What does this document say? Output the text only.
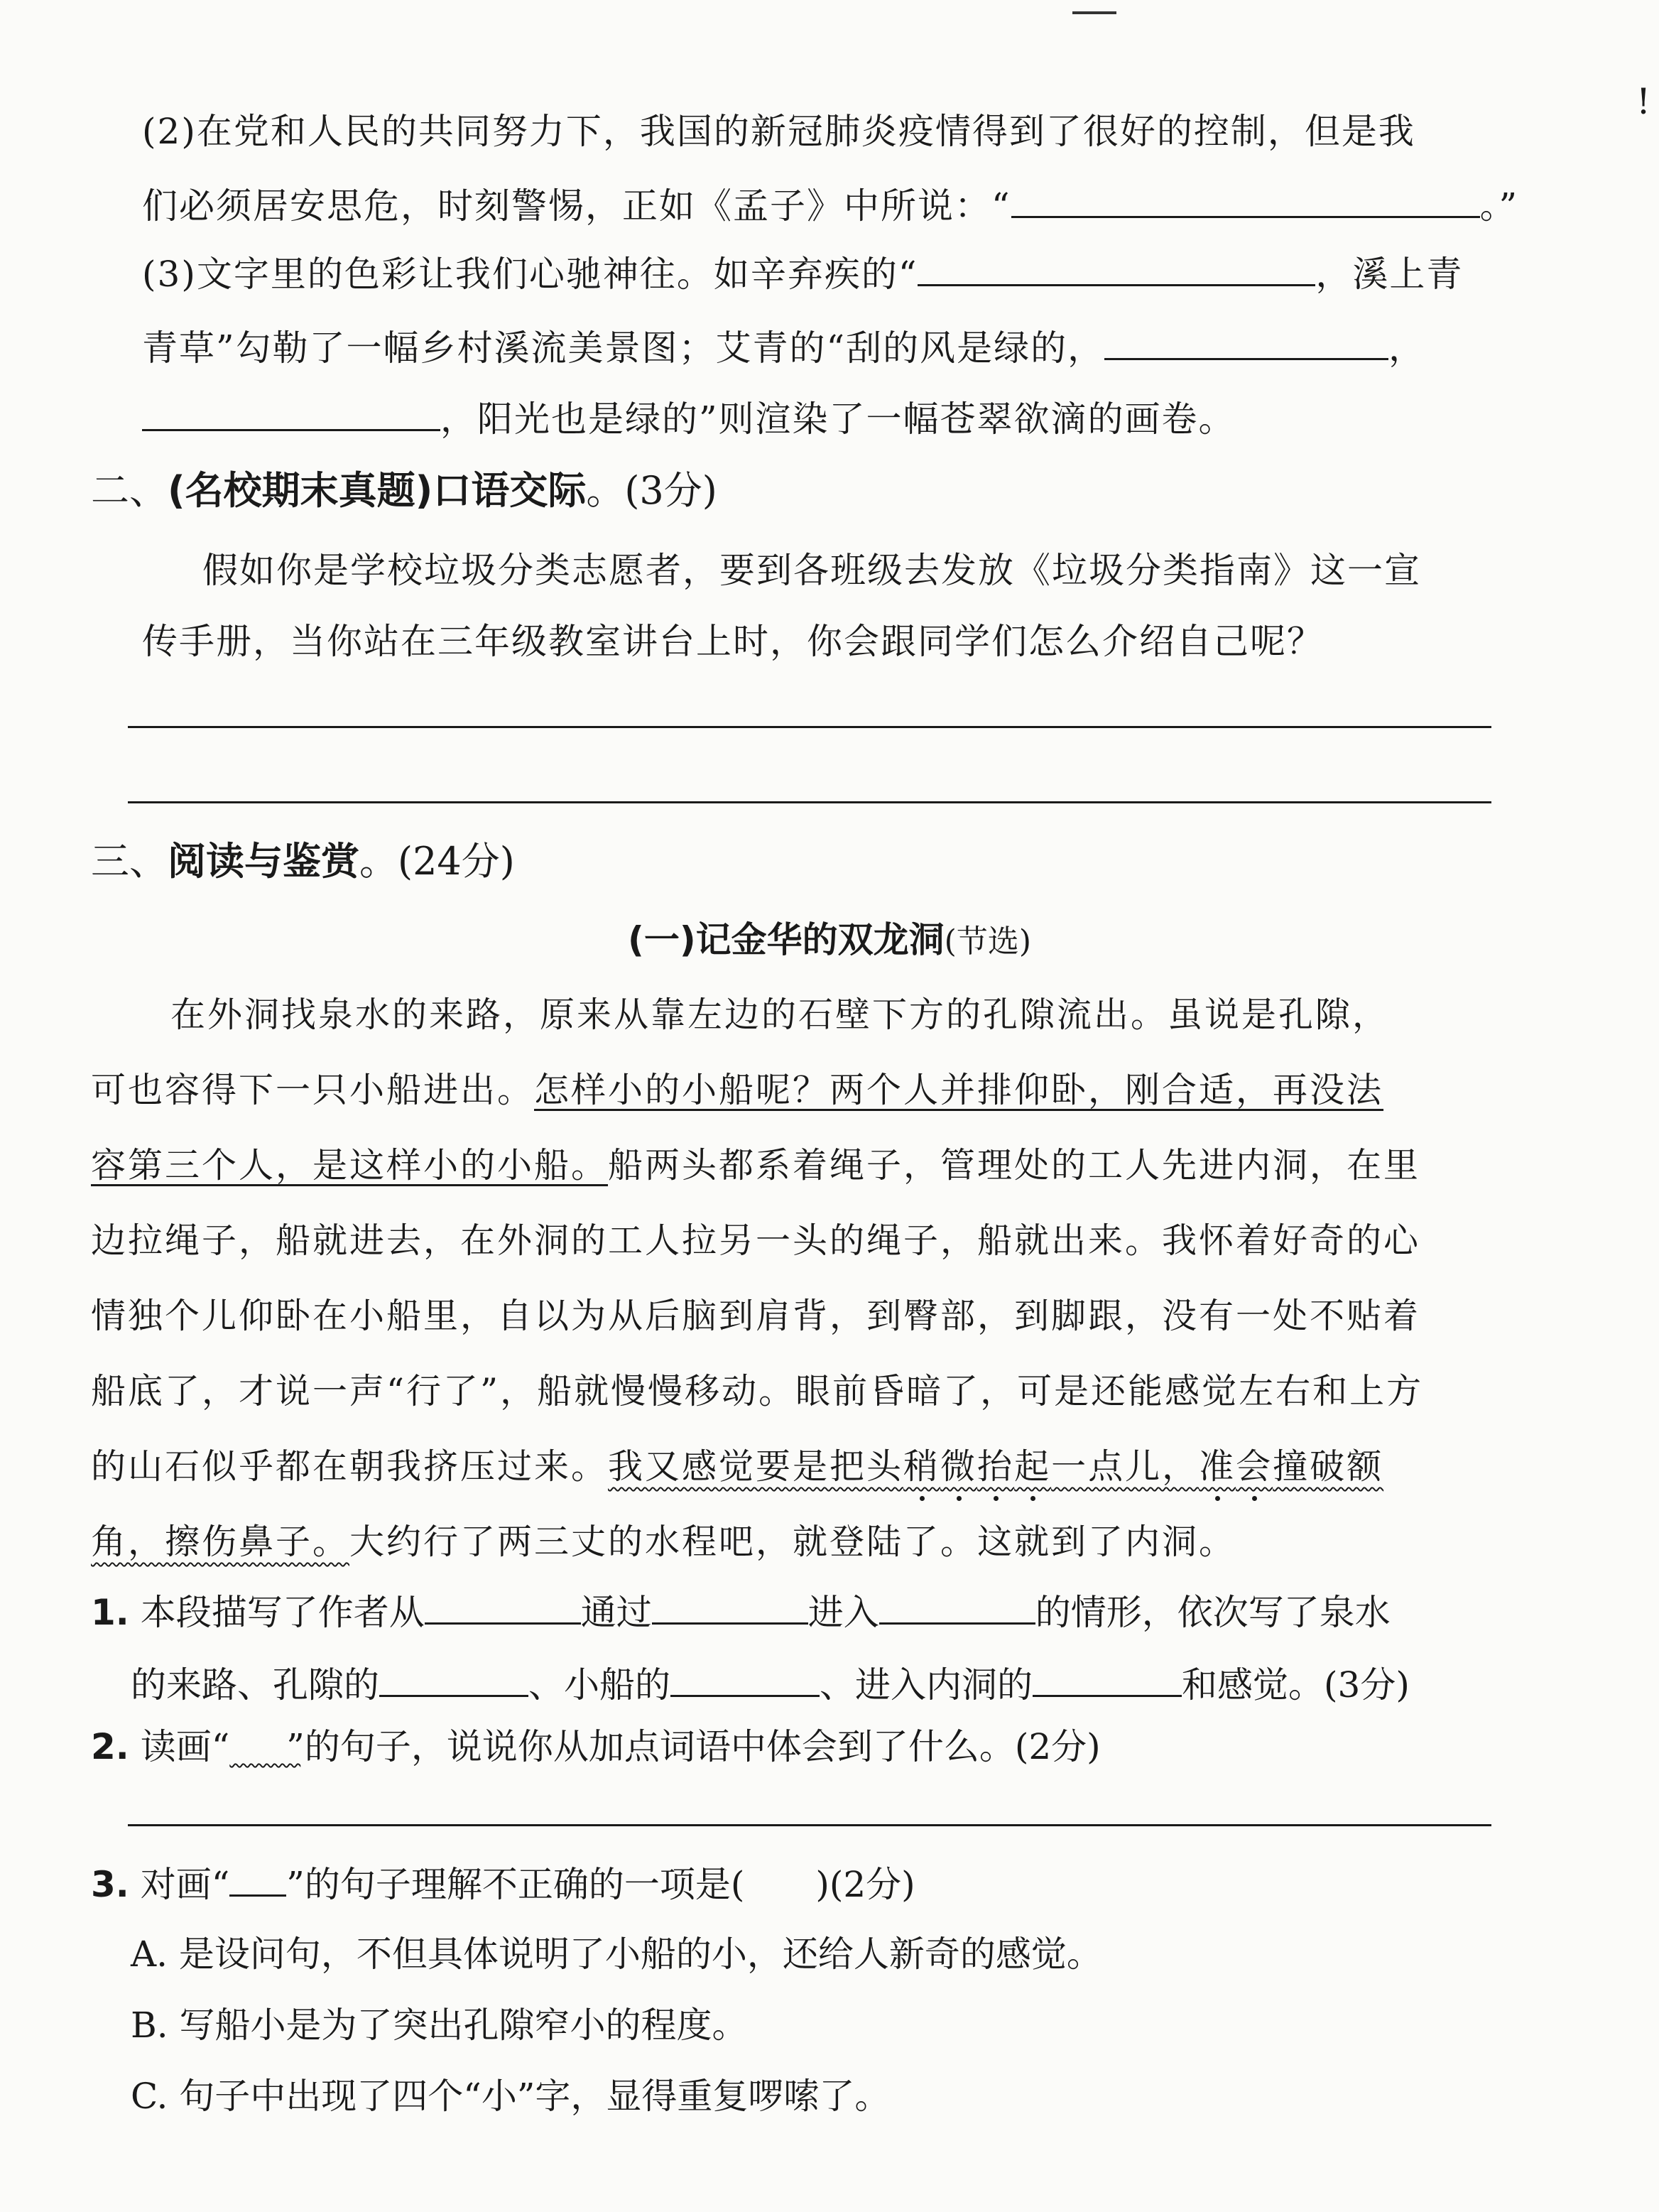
!
(2)在党和人民的共同努力下，我国的新冠肺炎疫情得到了很好的控制，但是我
们必须居安思危，时刻警惕，正如《孟子》中所说：“	。”
(3)文字里的色彩让我们心驰神往。如辛弃疾的“	，溪上青
青草”勾勒了一幅乡村溪流美景图；艾青的“刮的风是绿的，	，
，阳光也是绿的”则渲染了一幅苍翠欲滴的画卷。
二、(名校期末真题)口语交际。(3分)
假如你是学校垃圾分类志愿者，要到各班级去发放《垃圾分类指南》这一宣
传手册，当你站在三年级教室讲台上时，你会跟同学们怎么介绍自己呢？
三、阅读与鉴赏。(24分)
(一)记金华的双龙洞(节选)
在外洞找泉水的来路，原来从靠左边的石壁下方的孔隙流出。虽说是孔隙，
可也容得下一只小船进出。怎样小的小船呢？两个人并排仰卧，刚合适，再没法
容第三个人，是这样小的小船。船两头都系着绳子，管理处的工人先进内洞，在里
边拉绳子，船就进去，在外洞的工人拉另一头的绳子，船就出来。我怀着好奇的心
情独个儿仰卧在小船里，自以为从后脑到肩背，到臀部，到脚跟，没有一处不贴着
船底了，才说一声“行了”，船就慢慢移动。眼前昏暗了，可是还能感觉左右和上方
的山石似乎都在朝我挤压过来。我又感觉要是把头稍微抬起一点儿，准会撞破额
角，擦伤鼻子。大约行了两三丈的水程吧，就登陆了。这就到了内洞。
1. 本段描写了作者从	通过	进入	的情形，依次写了泉水
的来路、孔隙的	、小船的	、进入内洞的	和感觉。(3分)
2. 读画“   ”的句子，说说你从加点词语中体会到了什么。(2分)
3. 对画“ ”的句子理解不正确的一项是( )(2分)
A. 是设问句，不但具体说明了小船的小，还给人新奇的感觉。
B. 写船小是为了突出孔隙窄小的程度。
C. 句子中出现了四个“小”字，显得重复啰嗦了。
